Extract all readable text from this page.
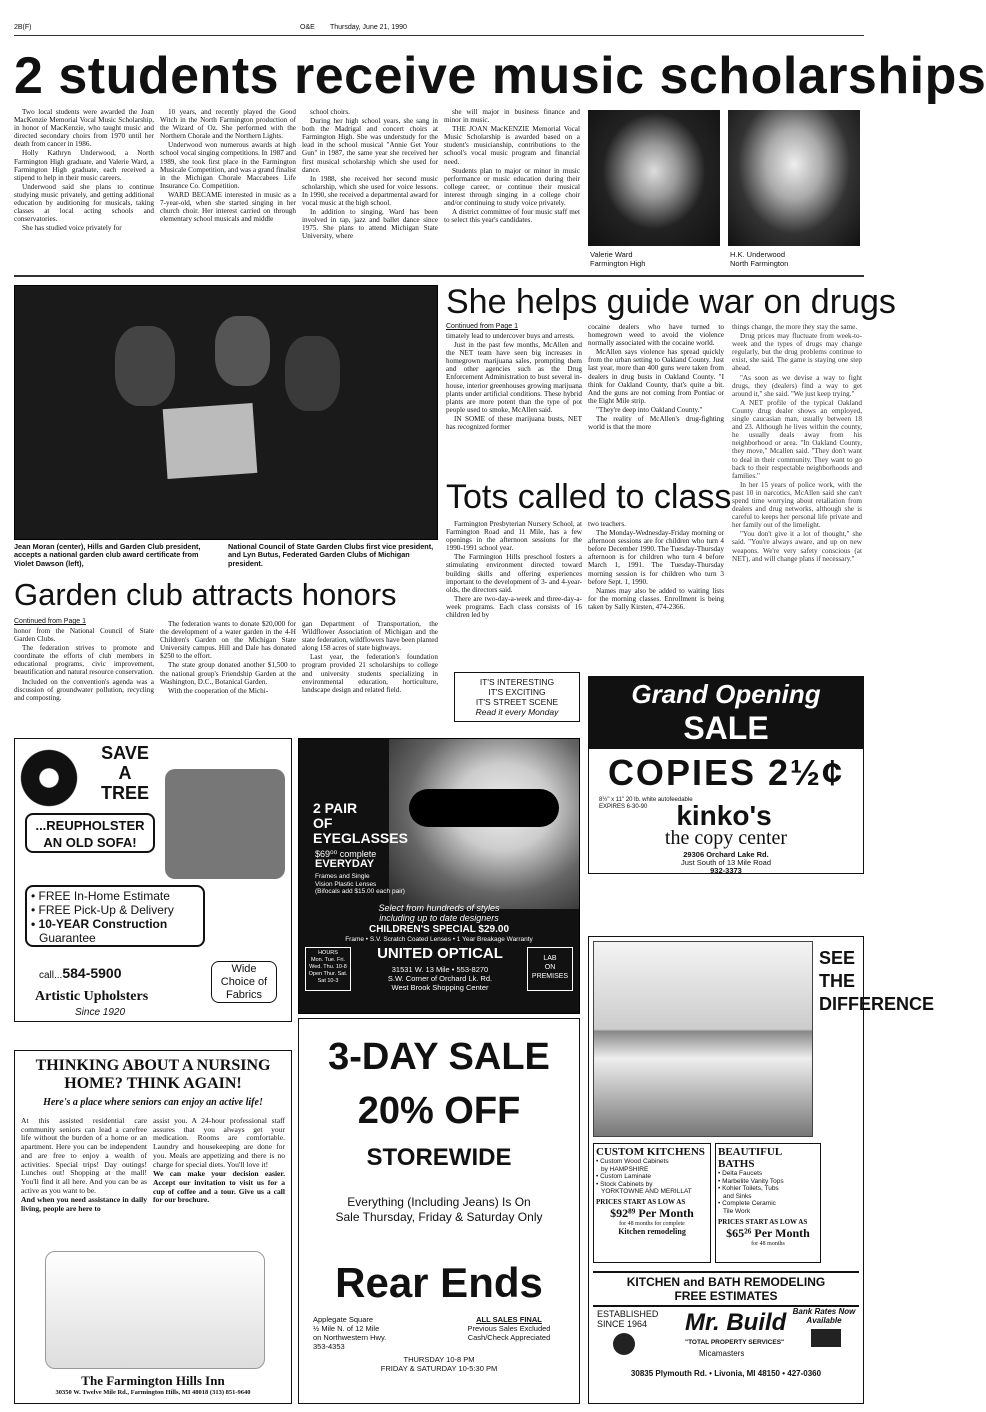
2B(F)	O&E Thursday, June 21, 1990
2 students receive music scholarships

Two local students were awarded the Joan MacKenzie Memorial Vocal Music Scholarship, in honor of MacKenzie, who taught music and directed secondary choirs from 1970 until her death from cancer in 1986.

Holly Kathryn Underwood, a North Farmington High graduate, and Valerie Ward, a Farmington High graduate, each received a stipend to help in their music careers.

Underwood said she plans to continue studying music privately, and getting additional education by auditioning for musicals, taking classes at local acting schools and conservatories.

She has studied voice privately for

10 years, and recently played the Good Witch in the North Farmington production of the Wizard of Oz. She performed with the Northern Chorale and the Northern Lights.

Underwood won numerous awards at high school vocal singing competitions. In 1987 and 1989, she took first place in the Farmington Musicale Competition, and was a grand finalist in the Michigan Chorale Maccabees Life Insurance Co. Competition.

WARD BECAME interested in music as a 7-year-old, when she started singing in her church choir. Her interest carried on through elementary school musicals and middle

school choirs.

During her high school years, she sang in both the Madrigal and concert choirs at Farmington High. She was understudy for the lead in the school musical "Annie Get Your Gun" in 1987, the same year she received her first musical scholarship which she used for dance.

In 1988, she received her second music scholarship, which she used for voice lessons. In 1990, she received a departmental award for vocal music at the high school.

In addition to singing, Ward has been involved in tap, jazz and ballet dance since 1975. She plans to attend Michigan State University, where

she will major in business finance and minor in music.

THE JOAN MacKENZIE Memorial Vocal Music Scholarship is awarded based on a student's musicianship, contributions to the school's vocal music program and financial need.

Students plan to major or minor in music performance or music education during their college career, or continue their musical interest through singing in a college choir and/or continuing to study voice privately.

A district committee of four music staff met to select this year's candidates.

Valerie Ward
Farmington High
H.K. Underwood
North Farmington
Jean Moran (center), Hills and Garden Club president, accepts a national garden club award certificate from Violet Dawson (left),
National Council of State Garden Clubs first vice president, and Lyn Butus, Federated Garden Clubs of Michigan president.
Garden club attracts honors
Continued from Page 1

honor from the National Council of State Garden Clubs.

The federation strives to promote and coordinate the efforts of club members in educational programs, civic improvement, beautification and natural resource conservation.

Included on the convention's agenda was a discussion of groundwater pollution, recycling and composting.

The federation wants to donate $20,000 for the development of a water garden in the 4-H Children's Garden on the Michigan State University campus. Hill and Dale has donated $250 to the effort.

The state group donated another $1,500 to the national group's Friendship Garden at the Washington, D.C., Botanical Garden.

With the cooperation of the Michi-

gan Department of Transportation, the Wildflower Association of Michigan and the state federation, wildflowers have been planted along 158 acres of state highways.

Last year, the federation's foundation program provided 21 scholarships to college and university students specializing in environmental education, horticulture, landscape design and related field.

She helps guide war on drugs
Continued from Page 1

timately lead to undercover buys and arrests.

Just in the past few months, McAllen and the NET team have seen big increases in homegrown marijuana sales, prompting them and other agencies such as the Drug Enforcement Administration to bust several in-house, interior greenhouses growing marijuana plants under artificial conditions. These hybrid plants are more potent than the type of pot people used to smoke, McAllen said.

IN SOME of these marijuana busts, NET has recognized former

cocaine dealers who have turned to homegrown weed to avoid the violence normally associated with the cocaine world.

McAllen says violence has spread quickly from the urban setting to Oakland County. Just last year, more than 400 guns were taken from dealers in drug busts in Oakland County. "I think for Oakland County, that's quite a bit. And the guns are not coming from Pontiac or the Eight Mile strip.

"They're deep into Oakland County."

The reality of McAllen's drug-fighting world is that the more

things change, the more they stay the same.

Drug prices may fluctuate from week-to-week and the types of drugs may change regularly, but the drug problems continue to exist, she said. The game is staying one step ahead.

"As soon as we devise a way to fight drugs, they (dealers) find a way to get around it," she said. "We just keep trying."

A NET profile of the typical Oakland County drug dealer shows an employed, single caucasian man, usually between 18 and 23. Although he lives within the county, he usually deals away from his neighborhood or area. "In Oakland County, they move," Mcallen said. "They don't want to deal in their community. They want to go back to their respectable neighborhoods and families."

In her 15 years of police work, with the past 10 in narcotics, McAllen said she can't spend time worrying about retaliation from dealers and drug networks, although she is careful to keeps her personal life private and her family out of the limelight.

"You don't give it a lot of thought," she said. "You're always aware, and up on new weapons. We're very safety conscious (at NET), and will change plans if necessary."

Tots called to class

Farmington Presbyterian Nursery School, at Farmington Road and 11 Mile, has a few openings in the afternoon sessions for the 1990-1991 school year.

The Farmington Hills preschool fosters a stimulating environment directed toward building skills and offering experiences important to the development of 3- and 4-year-olds, the directors said.

There are two-day-a-week and three-day-a-week programs. Each class consists of 16 children led by

two teachers.

The Monday-Wednesday-Friday morning or afternoon sessions are for children who turn 4 before December 1990. The Tuesday-Thursday afternoon is for children who turn 4 before March 1, 1991. The Tuesday-Thursday morning session is for children who turn 3 before Sept. 1, 1990.

Names may also be added to waiting lists for the morning classes. Enrollment is being taken by Sally Kirsten, 474-2366.

IT'S INTERESTING
IT'S EXCITING
IT'S STREET SCENE
Read it every Monday
Grand Opening
SALE
COPIES 2½¢
8½" x 11" 20 lb. white autofeedable
EXPIRES 6-30-90	kinko's
the copy center
29306 Orchard Lake Rd.
Just South of 13 Mile Road
932-3373
SAVE
A
TREE
...REUPHOLSTER
AN OLD SOFA!
• FREE In-Home Estimate
• FREE Pick-Up & Delivery
• 10-YEAR Construction
Guarantee
call...584-5900	Wide
Choice of
Fabrics
Artistic Upholsters
Since 1920
2 PAIR
OF
EYEGLASSES
$69⁰⁰ complete
EVERYDAY
Frames and Single
Vision Plastic Lenses
(Bifocals add $15.00 each pair)
Select from hundreds of styles
including up to date designers
CHILDREN'S SPECIAL $29.00
Frame • S.V. Scratch Coated Lenses • 1 Year Breakage Warranty
HOURS
Mon. Tue. Fri.
Wed. Thu. 10-8
Open Thur. Sat.
Sat 10-3
UNITED OPTICAL	LAB
ON
PREMISES
31531 W. 13 Mile • 553-8270
S.W. Corner of Orchard Lk. Rd.
West Brook Shopping Center
THINKING ABOUT A NURSING HOME? THINK AGAIN!
Here's a place where seniors can enjoy an active life!

At this assisted residential care community seniors can lead a carefree life without the burden of a home or an apartment. Here you can be independent and are free to enjoy a wealth of activities. Special trips! Day outings! Lunches out! Shopping at the mall! You'll find it all here. And you can be as active as you want to be.

And when you need assistance in daily living, people are here to

assist you. A 24-hour professional staff assures that you always get your medication. Rooms are comfortable. Laundry and housekeeping are done for you. Meals are appetizing and there is no charge for special diets. You'll love it!

We can make your decision easier. Accept our invitation to visit us for a cup of coffee and a tour. Give us a call for our brochure.

The Farmington Hills Inn
30350 W. Twelve Mile Rd., Farmington Hills, MI 48018 (313) 851-9640
3-DAY SALE
20% OFF
STOREWIDE
Everything (Including Jeans) Is On
Sale Thursday, Friday & Saturday Only
Rear Ends
Applegate Square
½ Mile N. of 12 Mile
on Northwestern Hwy.
353-4353
ALL SALES FINAL
Previous Sales Excluded
Cash/Check Appreciated
THURSDAY 10-8 PM
FRIDAY & SATURDAY 10-5:30 PM
SEE THE DIFFERENCE
CUSTOM KITCHENS
• Custom Wood Cabinets
by HAMPSHIRE
• Custom Laminate
• Stock Cabinets by
YORKTOWNE AND MERILLAT
PRICES START AS LOW AS
$92⁸⁹ Per Month
for 48 months for complete
Kitchen remodeling
BEAUTIFUL BATHS
• Delta Faucets
• Marbelite Vanity Tops
• Kohler Toilets, Tubs
and Sinks
• Complete Ceramic
Tile Work
PRICES START AS LOW AS
$65²⁶ Per Month
for 48 months
KITCHEN and BATH REMODELING
FREE ESTIMATES
ESTABLISHED
SINCE 1964	Mr. Build
"TOTAL PROPERTY SERVICES"
Micamasters
Bank Rates Now
Available
30835 Plymouth Rd. • Livonia, MI 48150 • 427-0360
